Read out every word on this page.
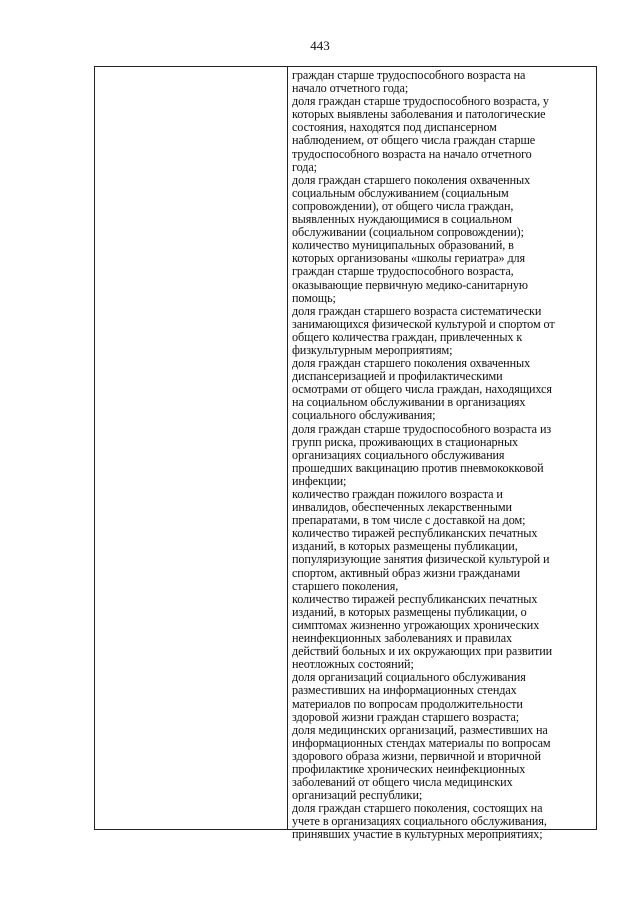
443
граждан старше трудоспособного возраста на
начало отчетного года;
доля граждан старше трудоспособного возраста, у
которых выявлены заболевания и патологические
состояния, находятся под диспансерном
наблюдением, от общего числа граждан старше
трудоспособного возраста на начало отчетного
года;
доля граждан старшего поколения охваченных
социальным обслуживанием (социальным
сопровождении), от общего числа граждан,
выявленных нуждающимися в социальном
обслуживании (социальном сопровождении);
количество муниципальных образований, в
которых организованы «школы гериатра» для
граждан старше трудоспособного возраста,
оказывающие первичную медико-санитарную
помощь;
доля граждан старшего возраста систематически
занимающихся физической культурой и спортом от
общего количества граждан, привлеченных к
физкультурным мероприятиям;
доля граждан старшего поколения охваченных
диспансеризацией и профилактическими
осмотрами от общего числа граждан, находящихся
на социальном обслуживании в организациях
социального обслуживания;
доля граждан старше трудоспособного возраста из
групп риска, проживающих в стационарных
организациях социального обслуживания
прошедших вакцинацию против пневмококковой
инфекции;
количество граждан пожилого возраста и
инвалидов, обеспеченных лекарственными
препаратами, в том числе с доставкой на дом;
количество тиражей республиканских печатных
изданий, в которых размещены публикации,
популяризующие занятия физической культурой и
спортом, активный образ жизни гражданами
старшего поколения,
количество тиражей республиканских печатных
изданий, в которых размещены публикации, о
симптомах жизненно угрожающих хронических
неинфекционных заболеваниях и правилах
действий больных и их окружающих при развитии
неотложных состояний;
доля организаций социального обслуживания
разместивших на информационных стендах
материалов по вопросам продолжительности
здоровой жизни граждан старшего возраста;
доля медицинских организаций, разместивших на
информационных стендах материалы по вопросам
здорового образа жизни, первичной и вторичной
профилактике хронических неинфекционных
заболеваний от общего числа медицинских
организаций республики;
доля граждан старшего поколения, состоящих на
учете в организациях социального обслуживания,
принявших участие в культурных мероприятиях;
